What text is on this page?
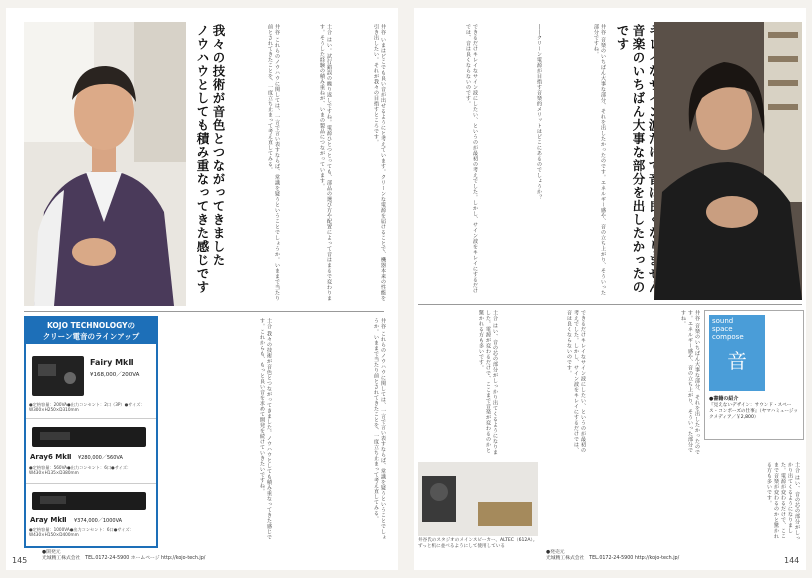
我々の技術が音色とつながってきました
ノウハウとしても積み重なってきた感じです	井谷 これらのノウハウに関しては、一言で言い表すならば、常識を疑うということでしょうか。いままで当たり前とされてきたことを、一度立ち止まって考え直してみる。	土合 はい。試行錯誤の繰り返しですね。電源ひとつとっても、部品の選び方や配置によって音はまるで変わります。そうした経験の積み重ねが、いまの製品につながっています。	井谷 いまはどこでも良い音が出せるようにと考えています。クリーンな電源を届けることで、機器本来の性能を引き出したい。それが我々の目指すところです。
KOJO TECHNOLOGYの
クリーン電音のラインアップ
Fairy MkⅡ
¥168,000／200VA
●定格容量：200VA●出力コンセント：2口（3P）●サイズ：W300×H250×D310mm
Aray6 MkⅡ ¥280,000／560VA
●定格容量：560VA●出力コンセント：6口●サイズ：W430×H135×D380mm
Aray MkⅡ ¥374,000／1000VA
●定格容量：1000VA●出力コンセント：6口●サイズ：W430×H150×D400mm	土合 我々の技術が音色とつながってきました。ノウハウとしても積み重なってきた感じです。これからも、もっと良い音を求めて開発を続けていきたいですね。	井谷 これらのノウハウに関しては、一言で言い表すならば、常識を疑うということでしょうか。いままで当たり前とされてきたことを、一度立ち止まって考え直してみる。
●開発元
光城精工株式会社　TEL.0172-24-5900 ホームページ http://kojo-tech.jp/
145
できるだけキレイなサイン波にしたい、というのが最初の考えでした。しかし、サイン波をキレイにするだけでは、音は良くならないのです。	――クリーン電源が目指す音楽的メリットはどこにあるのでしょうか？	井谷 音楽のいちばん大事な部分、それを出したかったのです。エネルギー感や、音の立ち上がり、そういった部分ですね。	音楽のいちばん大事な部分を出したかったのです
土合 はい、音の芯の部分がしっかり出てくるようになりました。電源が変わるだけで、ここまで音楽が変わるのかと驚かれる方も多いです。	できるだけキレイなサイン波にしたい、というのが最初の考えでした。しかし、サイン波をキレイにするだけでは、音は良くならないのです。	井谷 音楽のいちばん大事な部分、それを出したかったのです。エネルギー感や、音の立ち上がり、そういった部分ですね。	sound
space
compose
音
●書籍の紹介
『見えないデザイン：サウンド・スペース・コンポーズの仕事』（ヤマハミュージックメディア／￥2,800）
井谷氏のスタジオのメインスピーカー、ALTEC（612A）。ずっと机に並べるようにして使用している
土合 はい、音の芯の部分がしっかり出てくるようになりました。電源が変わるだけで、ここまで音楽が変わるのかと驚かれる方も多いです。
●発売元
光城精工株式会社　TEL.0172-24-5900 http://kojo-tech.jp/	144
